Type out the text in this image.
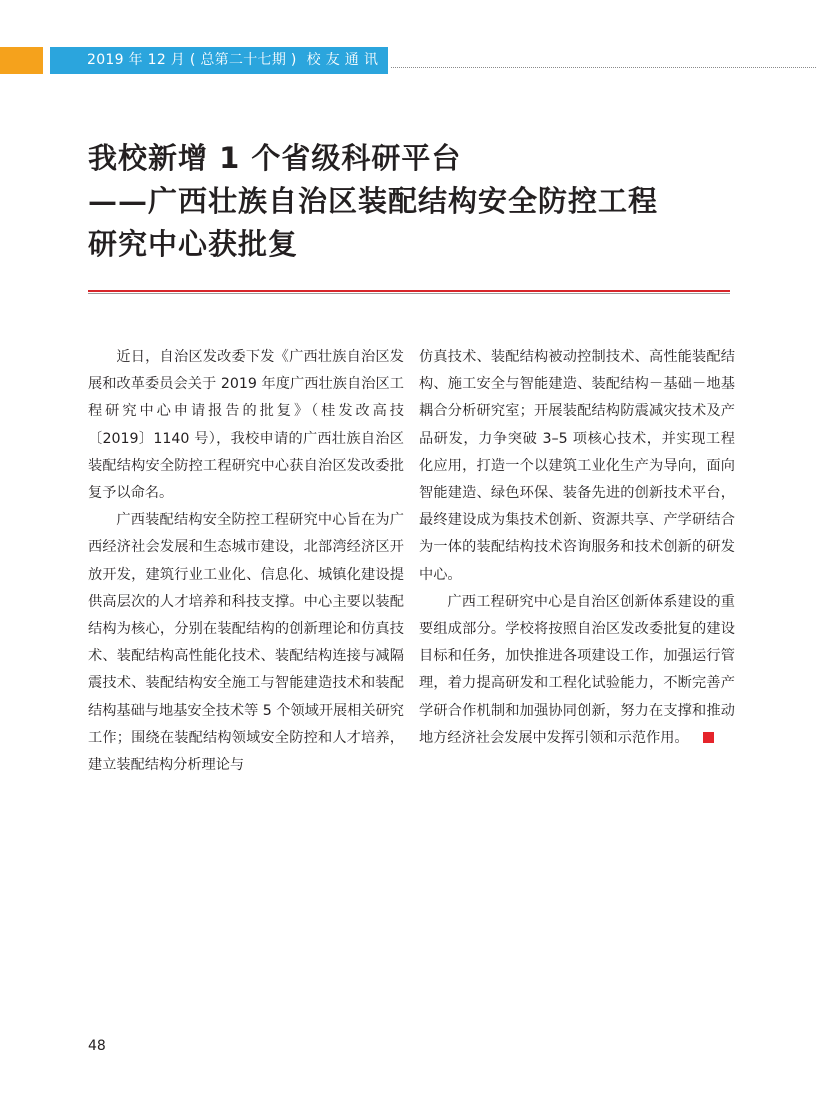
2019 年 12 月 ( 总第二十七期 ) 校 友 通 讯
我校新增 1 个省级科研平台
——广西壮族自治区装配结构安全防控工程
研究中心获批复

近日，自治区发改委下发《广西壮族自治区发展和改革委员会关于 2019 年度广西壮族自治区工程研究中心申请报告的批复》（桂发改高技〔2019〕1140 号），我校申请的广西壮族自治区装配结构安全防控工程研究中心获自治区发改委批复予以命名。

广西装配结构安全防控工程研究中心旨在为广西经济社会发展和生态城市建设，北部湾经济区开放开发，建筑行业工业化、信息化、城镇化建设提供高层次的人才培养和科技支撑。中心主要以装配结构为核心，分别在装配结构的创新理论和仿真技术、装配结构高性能化技术、装配结构连接与减隔震技术、装配结构安全施工与智能建造技术和装配结构基础与地基安全技术等 5 个领域开展相关研究工作；围绕在装配结构领域安全防控和人才培养，建立装配结构分析理论与

仿真技术、装配结构被动控制技术、高性能装配结构、施工安全与智能建造、装配结构－基础－地基耦合分析研究室；开展装配结构防震减灾技术及产品研发，力争突破 3–5 项核心技术，并实现工程化应用，打造一个以建筑工业化生产为导向，面向智能建造、绿色环保、装备先进的创新技术平台，最终建设成为集技术创新、资源共享、产学研结合为一体的装配结构技术咨询服务和技术创新的研发中心。

广西工程研究中心是自治区创新体系建设的重要组成部分。学校将按照自治区发改委批复的建设目标和任务，加快推进各项建设工作，加强运行管理，着力提高研发和工程化试验能力，不断完善产学研合作机制和加强协同创新，努力在支撑和推动地方经济社会发展中发挥引领和示范作用。

48
